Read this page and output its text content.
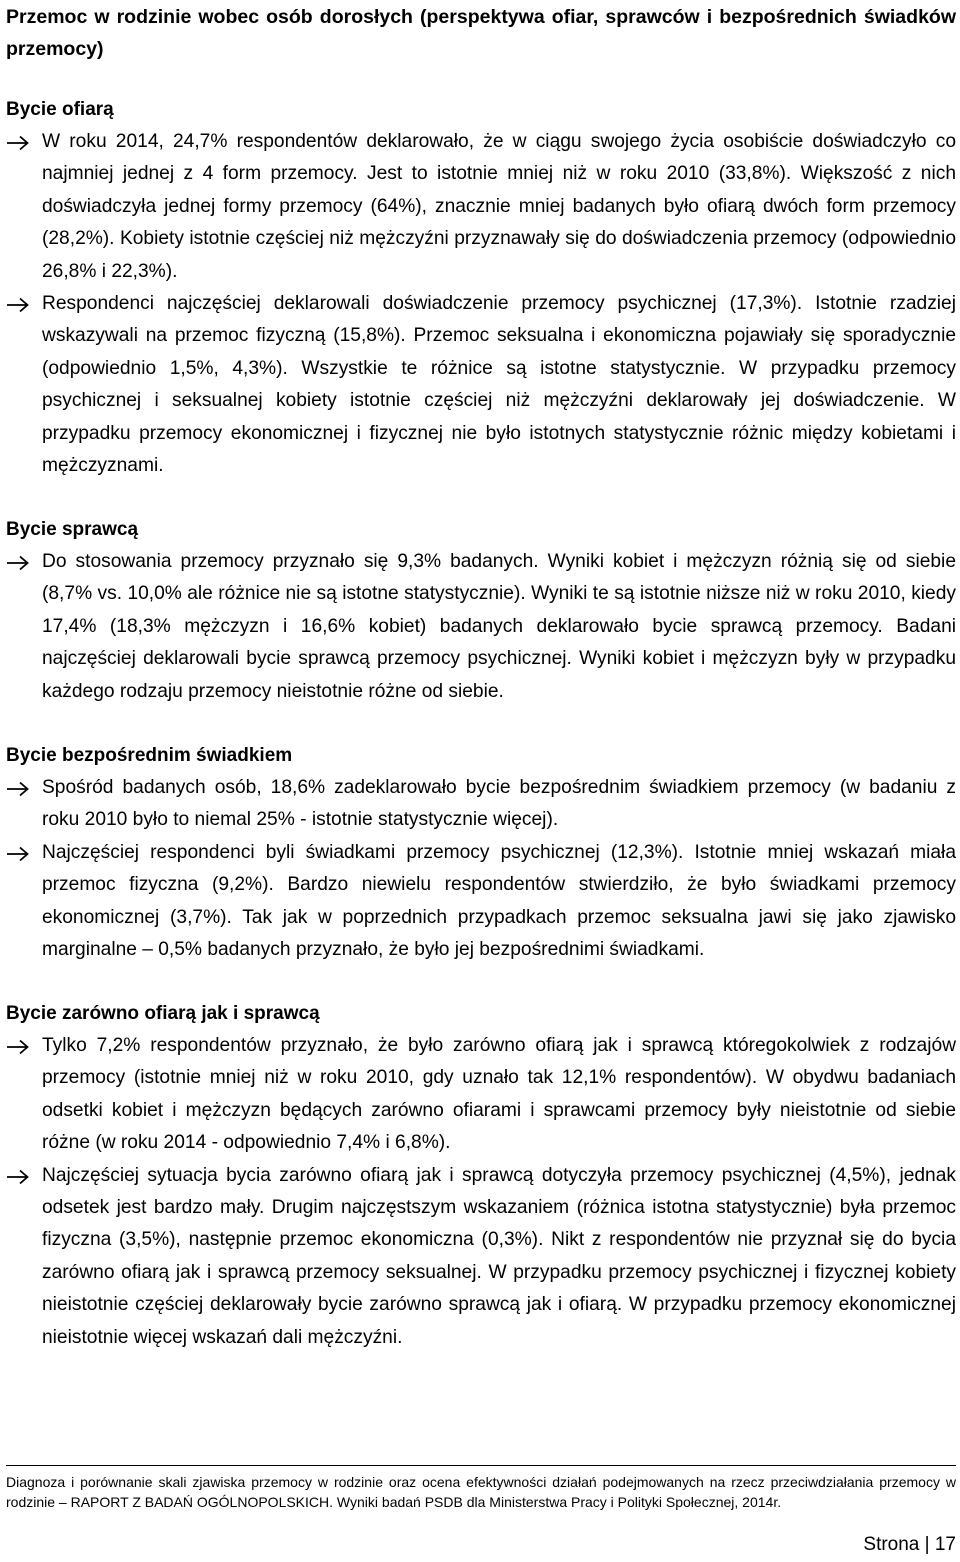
Przemoc w rodzinie wobec osób dorosłych (perspektywa ofiar, sprawców i bezpośrednich świadków przemocy)
Bycie ofiarą
W roku 2014, 24,7% respondentów deklarowało, że w ciągu swojego życia osobiście doświadczyło co najmniej jednej z 4 form przemocy. Jest to istotnie mniej niż w roku 2010 (33,8%). Większość z nich doświadczyła jednej formy przemocy (64%), znacznie mniej badanych było ofiarą dwóch form przemocy (28,2%). Kobiety istotnie częściej niż mężczyźni przyznawały się do doświadczenia przemocy (odpowiednio 26,8% i 22,3%).
Respondenci najczęściej deklarowali doświadczenie przemocy psychicznej (17,3%). Istotnie rzadziej wskazywali na przemoc fizyczną (15,8%). Przemoc seksualna i ekonomiczna pojawiały się sporadycznie (odpowiednio 1,5%, 4,3%). Wszystkie te różnice są istotne statystycznie. W przypadku przemocy psychicznej i seksualnej kobiety istotnie częściej niż mężczyźni deklarowały jej doświadczenie. W przypadku przemocy ekonomicznej i fizycznej nie było istotnych statystycznie różnic między kobietami i mężczyznami.
Bycie sprawcą
Do stosowania przemocy przyznało się 9,3% badanych. Wyniki kobiet i mężczyzn różnią się od siebie (8,7% vs. 10,0% ale różnice nie są istotne statystycznie). Wyniki te są istotnie niższe niż w roku 2010, kiedy 17,4% (18,3% mężczyzn i 16,6% kobiet) badanych deklarowało bycie sprawcą przemocy. Badani najczęściej deklarowali bycie sprawcą przemocy psychicznej. Wyniki kobiet i mężczyzn były w przypadku każdego rodzaju przemocy nieistotnie różne od siebie.
Bycie bezpośrednim świadkiem
Spośród badanych osób, 18,6% zadeklarowało bycie bezpośrednim świadkiem przemocy (w badaniu z roku 2010 było to niemal 25% - istotnie statystycznie więcej).
Najczęściej respondenci byli świadkami przemocy psychicznej (12,3%). Istotnie mniej wskazań miała przemoc fizyczna (9,2%). Bardzo niewielu respondentów stwierdziło, że było świadkami przemocy ekonomicznej (3,7%). Tak jak w poprzednich przypadkach przemoc seksualna jawi się jako zjawisko marginalne – 0,5% badanych przyznało, że było jej bezpośrednimi świadkami.
Bycie zarówno ofiarą jak i sprawcą
Tylko 7,2% respondentów przyznało, że było zarówno ofiarą jak i sprawcą któregokolwiek z rodzajów przemocy (istotnie mniej niż w roku 2010, gdy uznało tak 12,1% respondentów). W obydwu badaniach odsetki kobiet i mężczyzn będących zarówno ofiarami i sprawcami przemocy były nieistotnie od siebie różne (w roku 2014 - odpowiednio 7,4% i 6,8%).
Najczęściej sytuacja bycia zarówno ofiarą jak i sprawcą dotyczyła przemocy psychicznej (4,5%), jednak odsetek jest bardzo mały. Drugim najczęstszym wskazaniem (różnica istotna statystycznie) była przemoc fizyczna (3,5%), następnie przemoc ekonomiczna (0,3%). Nikt z respondentów nie przyznał się do bycia zarówno ofiarą jak i sprawcą przemocy seksualnej. W przypadku przemocy psychicznej i fizycznej kobiety nieistotnie częściej deklarowały bycie zarówno sprawcą jak i ofiarą. W przypadku przemocy ekonomicznej nieistotnie więcej wskazań dali mężczyźni.
Diagnoza i porównanie skali zjawiska przemocy w rodzinie oraz ocena efektywności działań podejmowanych na rzecz przeciwdziałania przemocy w rodzinie – RAPORT Z BADAŃ OGÓLNOPOLSKICH. Wyniki badań PSDB dla Ministerstwa Pracy i Polityki Społecznej, 2014r.
Strona | 17
